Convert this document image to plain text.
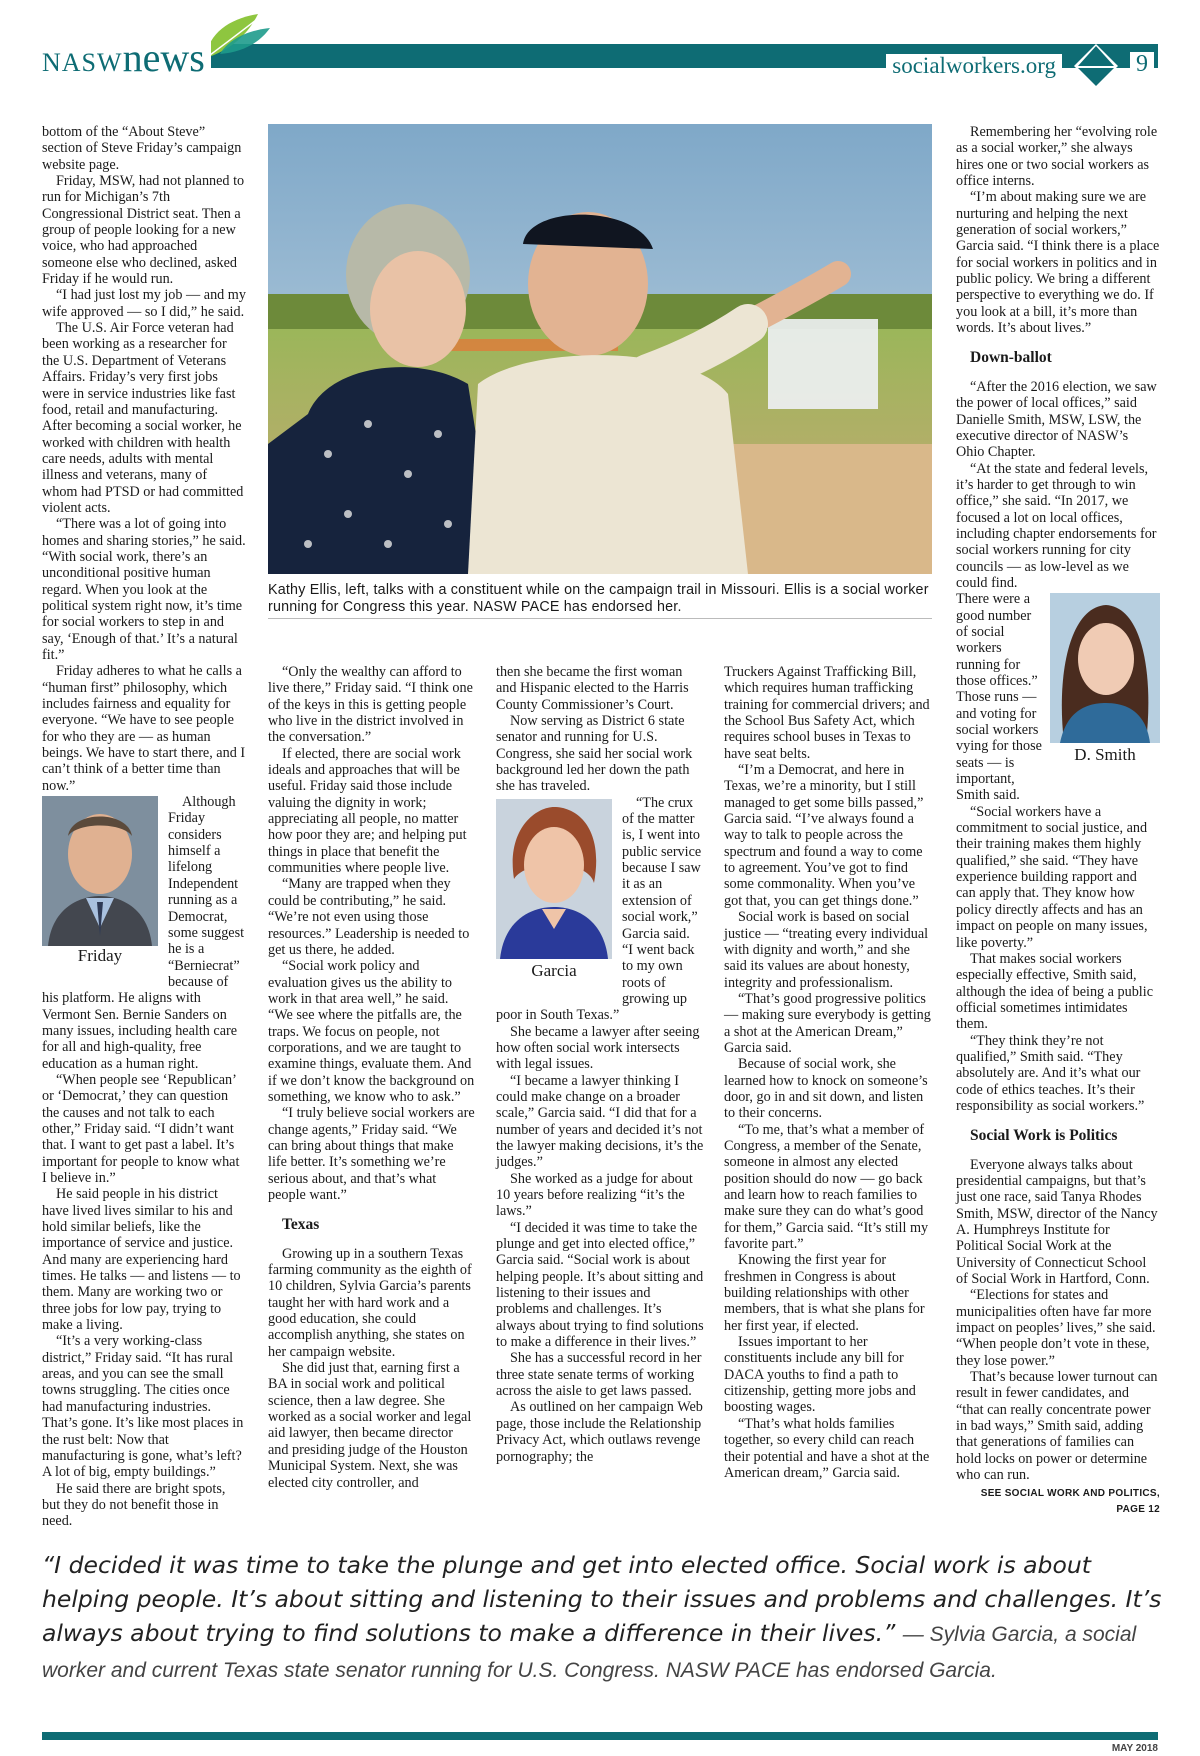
NASWnews	socialworkers.org	9
Kathy Ellis, left, talks with a constituent while on the campaign trail in Missouri. Ellis is a social worker running for Congress this year. NASW PACE has endorsed her.

bottom of the “About Steve” section of Steve Friday’s campaign website page.

Friday, MSW, had not planned to run for Michigan’s 7th Congressional District seat. Then a group of people looking for a new voice, who had approached someone else who declined, asked Friday if he would run.

“I had just lost my job — and my wife approved — so I did,” he said.

The U.S. Air Force veteran had been working as a researcher for the U.S. Department of Veterans Affairs. Friday’s very first jobs were in service industries like fast food, retail and manufacturing. After becoming a social worker, he worked with children with health care needs, adults with mental illness and veterans, many of whom had PTSD or had committed violent acts.

“There was a lot of going into homes and sharing stories,” he said. “With social work, there’s an unconditional positive human regard. When you look at the political system right now, it’s time for social workers to step in and say, ‘Enough of that.’ It’s a natural fit.”

Friday adheres to what he calls a “human first” philosophy, which includes fairness and equality for everyone. “We have to see people for who they are — as human beings. We have to start there, and I can’t think of a better time than now.”

Friday

Although Friday considers himself a lifelong Independent running as a Democrat, some suggest he is a “Berniecrat” because of his platform. He aligns with Vermont Sen. Bernie Sanders on many issues, including health care for all and high-quality, free education as a human right.

“When people see ‘Republican’ or ‘Democrat,’ they can question the causes and not talk to each other,” Friday said. “I didn’t want that. I want to get past a label. It’s important for people to know what I believe in.”

He said people in his district have lived lives similar to his and hold similar beliefs, like the importance of service and justice. And many are experiencing hard times. He talks — and listens — to them. Many are working two or three jobs for low pay, trying to make a living.

“It’s a very working-class district,” Friday said. “It has rural areas, and you can see the small towns struggling. The cities once had manufacturing industries. That’s gone. It’s like most places in the rust belt: Now that manufacturing is gone, what’s left? A lot of big, empty buildings.”

He said there are bright spots, but they do not benefit those in need.

“Only the wealthy can afford to live there,” Friday said. “I think one of the keys in this is getting people who live in the district involved in the conversation.”

If elected, there are social work ideals and approaches that will be useful. Friday said those include valuing the dignity in work; appreciating all people, no matter how poor they are; and helping put things in place that benefit the communities where people live.

“Many are trapped when they could be contributing,” he said. “We’re not even using those resources.” Leadership is needed to get us there, he added.

“Social work policy and evaluation gives us the ability to work in that area well,” he said. “We see where the pitfalls are, the traps. We focus on people, not corporations, and we are taught to examine things, evaluate them. And if we don’t know the background on something, we know who to ask.”

“I truly believe social workers are change agents,” Friday said. “We can bring about things that make life better. It’s something we’re serious about, and that’s what people want.”

Texas

Growing up in a southern Texas farming community as the eighth of 10 children, Sylvia Garcia’s parents taught her with hard work and a good education, she could accomplish anything, she states on her campaign website.

She did just that, earning first a BA in social work and political science, then a law degree. She worked as a social worker and legal aid lawyer, then became director and presiding judge of the Houston Municipal System. Next, she was elected city controller, and

then she became the first woman and Hispanic elected to the Harris County Commissioner’s Court.

Now serving as District 6 state senator and running for U.S. Congress, she said her social work background led her down the path she has traveled.

Garcia

“The crux of the matter is, I went into public service because I saw it as an extension of social work,” Garcia said. “I went back to my own roots of growing up poor in South Texas.”

She became a lawyer after seeing how often social work intersects with legal issues.

“I became a lawyer thinking I could make change on a broader scale,” Garcia said. “I did that for a number of years and decided it’s not the lawyer making decisions, it’s the judges.”

She worked as a judge for about 10 years before realizing “it’s the laws.”

“I decided it was time to take the plunge and get into elected office,” Garcia said. “Social work is about helping people. It’s about sitting and listening to their issues and problems and challenges. It’s always about trying to find solutions to make a difference in their lives.”

She has a successful record in her three state senate terms of working across the aisle to get laws passed.

As outlined on her campaign Web page, those include the Relationship Privacy Act, which outlaws revenge pornography; the

Truckers Against Trafficking Bill, which requires human trafficking training for commercial drivers; and the School Bus Safety Act, which requires school buses in Texas to have seat belts.

“I’m a Democrat, and here in Texas, we’re a minority, but I still managed to get some bills passed,” Garcia said. “I’ve always found a way to talk to people across the spectrum and found a way to come to agreement. You’ve got to find some commonality. When you’ve got that, you can get things done.”

Social work is based on social justice — “treating every individual with dignity and worth,” and she said its values are about honesty, integrity and professionalism.

“That’s good progressive politics — making sure everybody is getting a shot at the American Dream,” Garcia said.

Because of social work, she learned how to knock on someone’s door, go in and sit down, and listen to their concerns.

“To me, that’s what a member of Congress, a member of the Senate, someone in almost any elected position should do now — go back and learn how to reach families to make sure they can do what’s good for them,” Garcia said. “It’s still my favorite part.”

Knowing the first year for freshmen in Congress is about building relationships with other members, that is what she plans for her first year, if elected.

Issues important to her constituents include any bill for DACA youths to find a path to citizenship, getting more jobs and boosting wages.

“That’s what holds families together, so every child can reach their potential and have a shot at the American dream,” Garcia said.

Remembering her “evolving role as a social worker,” she always hires one or two social workers as office interns.

“I’m about making sure we are nurturing and helping the next generation of social workers,” Garcia said. “I think there is a place for social workers in politics and in public policy. We bring a different perspective to everything we do. If you look at a bill, it’s more than words. It’s about lives.”

Down-ballot

“After the 2016 election, we saw the power of local offices,” said Danielle Smith, MSW, LSW, the executive director of NASW’s Ohio Chapter.

“At the state and federal levels, it’s harder to get through to win office,” she said. “In 2017, we focused a lot on local offices, including chapter endorsements for social workers running for city councils — as low-level as we could find.

D. Smith

There were a good number of social workers running for those offices.” Those runs — and voting for social workers vying for those seats — is important, Smith said.

“Social workers have a commitment to social justice, and their training makes them highly qualified,” she said. “They have experience building rapport and can apply that. They know how policy directly affects and has an impact on people on many issues, like poverty.”

That makes social workers especially effective, Smith said, although the idea of being a public official sometimes intimidates them.

“They think they’re not qualified,” Smith said. “They absolutely are. And it’s what our code of ethics teaches. It’s their responsibility as social workers.”

Social Work is Politics

Everyone always talks about presidential campaigns, but that’s just one race, said Tanya Rhodes Smith, MSW, director of the Nancy A. Humphreys Institute for Political Social Work at the University of Connecticut School of Social Work in Hartford, Conn.

“Elections for states and municipalities often have far more impact on peoples’ lives,” she said. “When people don’t vote in these, they lose power.”

That’s because lower turnout can result in fewer candidates, and “that can really concentrate power in bad ways,” Smith said, adding that generations of families can hold locks on power or determine who can run.

SEE SOCIAL WORK AND POLITICS, PAGE 12
“I decided it was time to take the plunge and get into elected office. Social work is about helping people. It’s about sitting and listening to their issues and problems and challenges. It’s always about trying to find solutions to make a difference in their lives.” — Sylvia Garcia, a social worker and current Texas state senator running for U.S. Congress. NASW PACE has endorsed Garcia.
MAY 2018
